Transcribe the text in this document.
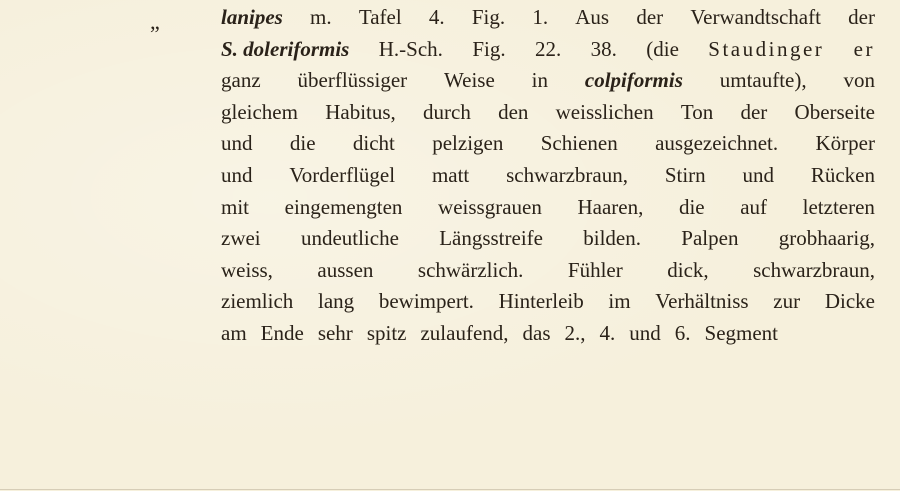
„	lanipes m. Tafel 4. Fig. 1. Aus der Verwandtschaft der
S. doleriformis H.-Sch. Fig. 22. 38. (die Staudinger er
ganz überflüssiger Weise in colpiformis umtaufte), von
gleichem Habitus, durch den weisslichen Ton der Oberseite
und die dicht pelzigen Schienen ausgezeichnet. Körper
und Vorderflügel matt schwarzbraun, Stirn und Rücken
mit eingemengten weissgrauen Haaren, die auf letzteren
zwei undeutliche Längsstreife bilden. Palpen grobhaarig,
weiss, aussen schwärzlich. Fühler dick, schwarzbraun,
ziemlich lang bewimpert. Hinterleib im Verhältniss zur Dicke
am Ende sehr spitz zulaufend, das 2., 4. und 6. Segment
